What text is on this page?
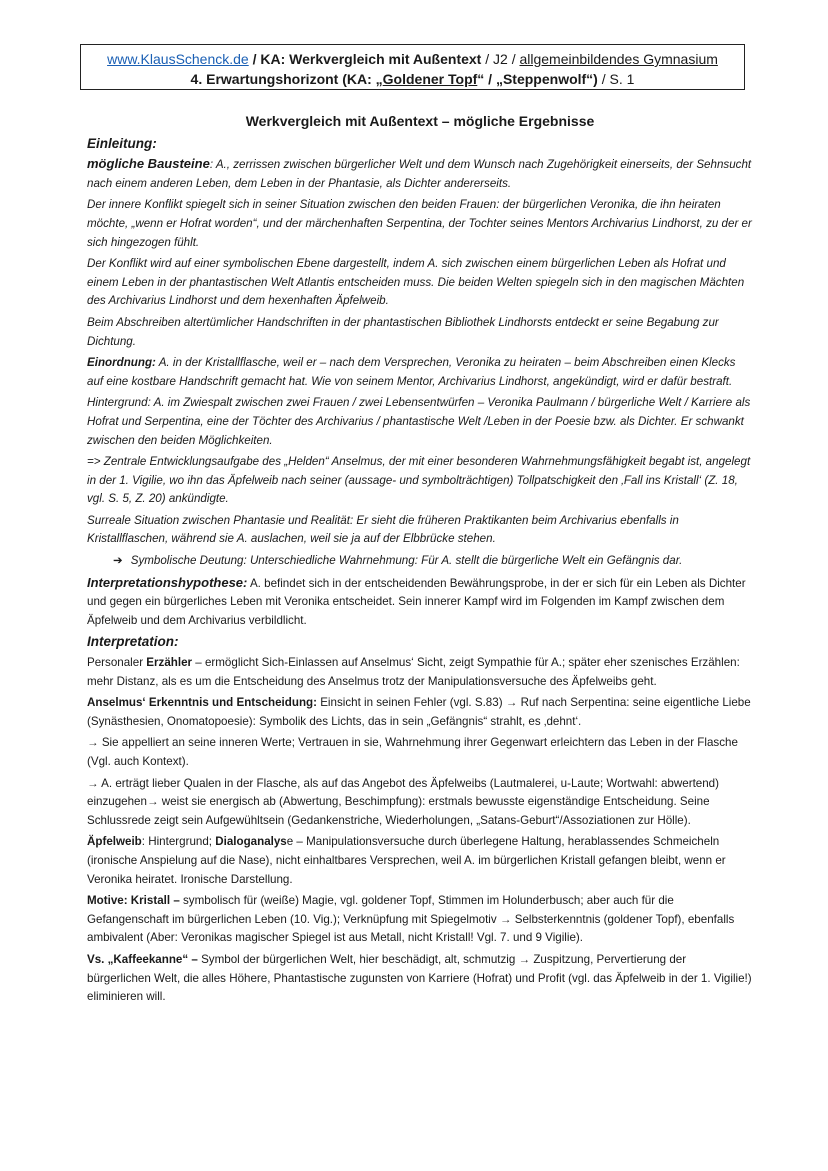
www.KlausSchenck.de / KA: Werkvergleich mit Außentext / J2 / allgemeinbildendes Gymnasium
4. Erwartungshorizont (KA: „Goldener Topf“ / „Steppenwolf“) / S. 1
Werkvergleich mit Außentext – mögliche Ergebnisse
Einleitung:
mögliche Bausteine: A., zerrissen zwischen bürgerlicher Welt und dem Wunsch nach Zugehörigkeit einerseits, der Sehnsucht nach einem anderen Leben, dem Leben in der Phantasie, als Dichter andererseits.
Der innere Konflikt spiegelt sich in seiner Situation zwischen den beiden Frauen: der bürgerlichen Veronika, die ihn heiraten möchte, „wenn er Hofrat worden“, und der märchenhaften Serpentina, der Tochter seines Mentors Archivarius Lindhorst, zu der er sich hingezogen fühlt.
Der Konflikt wird auf einer symbolischen Ebene dargestellt, indem A. sich zwischen einem bürgerlichen Leben als Hofrat und einem Leben in der phantastischen Welt Atlantis entscheiden muss. Die beiden Welten spiegeln sich in den magischen Mächten des Archivarius Lindhorst und dem hexenhaften Äpfelweib.
Beim Abschreiben altertümlicher Handschriften in der phantastischen Bibliothek Lindhorsts entdeckt er seine Begabung zur Dichtung.
Einordnung: A. in der Kristallflasche, weil er – nach dem Versprechen, Veronika zu heiraten – beim Abschreiben einen Klecks auf eine kostbare Handschrift gemacht hat. Wie von seinem Mentor, Archivarius Lindhorst, angekündigt, wird er dafür bestraft.
Hintergrund: A. im Zwiespalt zwischen zwei Frauen / zwei Lebensentwürfen – Veronika Paulmann / bürgerliche Welt / Karriere als Hofrat und Serpentina, eine der Töchter des Archivarius / phantastische Welt /Leben in der Poesie bzw. als Dichter. Er schwankt zwischen den beiden Möglichkeiten.
=> Zentrale Entwicklungsaufgabe des „Helden“ Anselmus, der mit einer besonderen Wahrnehmungsfähigkeit begabt ist, angelegt in der 1. Vigilie, wo ihn das Äpfelweib nach seiner (aussage- und symbolträchtigen) Tollpatschigkeit den ‚Fall ins Kristall‘ (Z. 18, vgl. S. 5, Z. 20) ankündigte.
Surreale Situation zwischen Phantasie und Realität: Er sieht die früheren Praktikanten beim Archivarius ebenfalls in Kristallflaschen, während sie A. auslachen, weil sie ja auf der Elbbrücke stehen.
➔ Symbolische Deutung: Unterschiedliche Wahrnehmung: Für A. stellt die bürgerliche Welt ein Gefängnis dar.
Interpretationshypothese: A. befindet sich in der entscheidenden Bewährungsprobe, in der er sich für ein Leben als Dichter und gegen ein bürgerliches Leben mit Veronika entscheidet. Sein innerer Kampf wird im Folgenden im Kampf zwischen dem Äpfelweib und dem Archivarius verbildlicht.
Interpretation:
Personaler Erzähler – ermöglicht Sich-Einlassen auf Anselmus‘ Sicht, zeigt Sympathie für A.; später eher szenisches Erzählen: mehr Distanz, als es um die Entscheidung des Anselmus trotz der Manipulationsversuche des Äpfelweibs geht.
Anselmus‘ Erkenntnis und Entscheidung: Einsicht in seinen Fehler (vgl. S.83) → Ruf nach Serpentina: seine eigentliche Liebe (Synästhesien, Onomatopoesie): Symbolik des Lichts, das in sein „Gefängnis“ strahlt, es ‚dehnt‘.
→ Sie appelliert an seine inneren Werte; Vertrauen in sie, Wahrnehmung ihrer Gegenwart erleichtern das Leben in der Flasche (Vgl. auch Kontext).
→ A. erträgt lieber Qualen in der Flasche, als auf das Angebot des Äpfelweibs (Lautmalerei, u-Laute; Wortwahl: abwertend) einzugehen→ weist sie energisch ab (Abwertung, Beschimpfung): erstmals bewusste eigenständige Entscheidung. Seine Schlussrede zeigt sein Aufgewühltsein (Gedankenstriche, Wiederholungen, „Satans-Geburt“/Assoziationen zur Hölle).
Äpfelweib: Hintergrund; Dialoganalyse – Manipulationsversuche durch überlegene Haltung, herablassendes Schmeicheln (ironische Anspielung auf die Nase), nicht einhaltbares Versprechen, weil A. im bürgerlichen Kristall gefangen bleibt, wenn er Veronika heiratet. Ironische Darstellung.
Motive: Kristall – symbolisch für (weiße) Magie, vgl. goldener Topf, Stimmen im Holunderbusch; aber auch für die Gefangenschaft im bürgerlichen Leben (10. Vig.); Verknüpfung mit Spiegelmotiv → Selbsterkenntnis (goldener Topf), ebenfalls ambivalent (Aber: Veronikas magischer Spiegel ist aus Metall, nicht Kristall! Vgl. 7. und 9 Vigilie).
Vs. „Kaffeekanne“ – Symbol der bürgerlichen Welt, hier beschädigt, alt, schmutzig → Zuspitzung, Pervertierung der bürgerlichen Welt, die alles Höhere, Phantastische zugunsten von Karriere (Hofrat) und Profit (vgl. das Äpfelweib in der 1. Vigilie!) eliminieren will.
